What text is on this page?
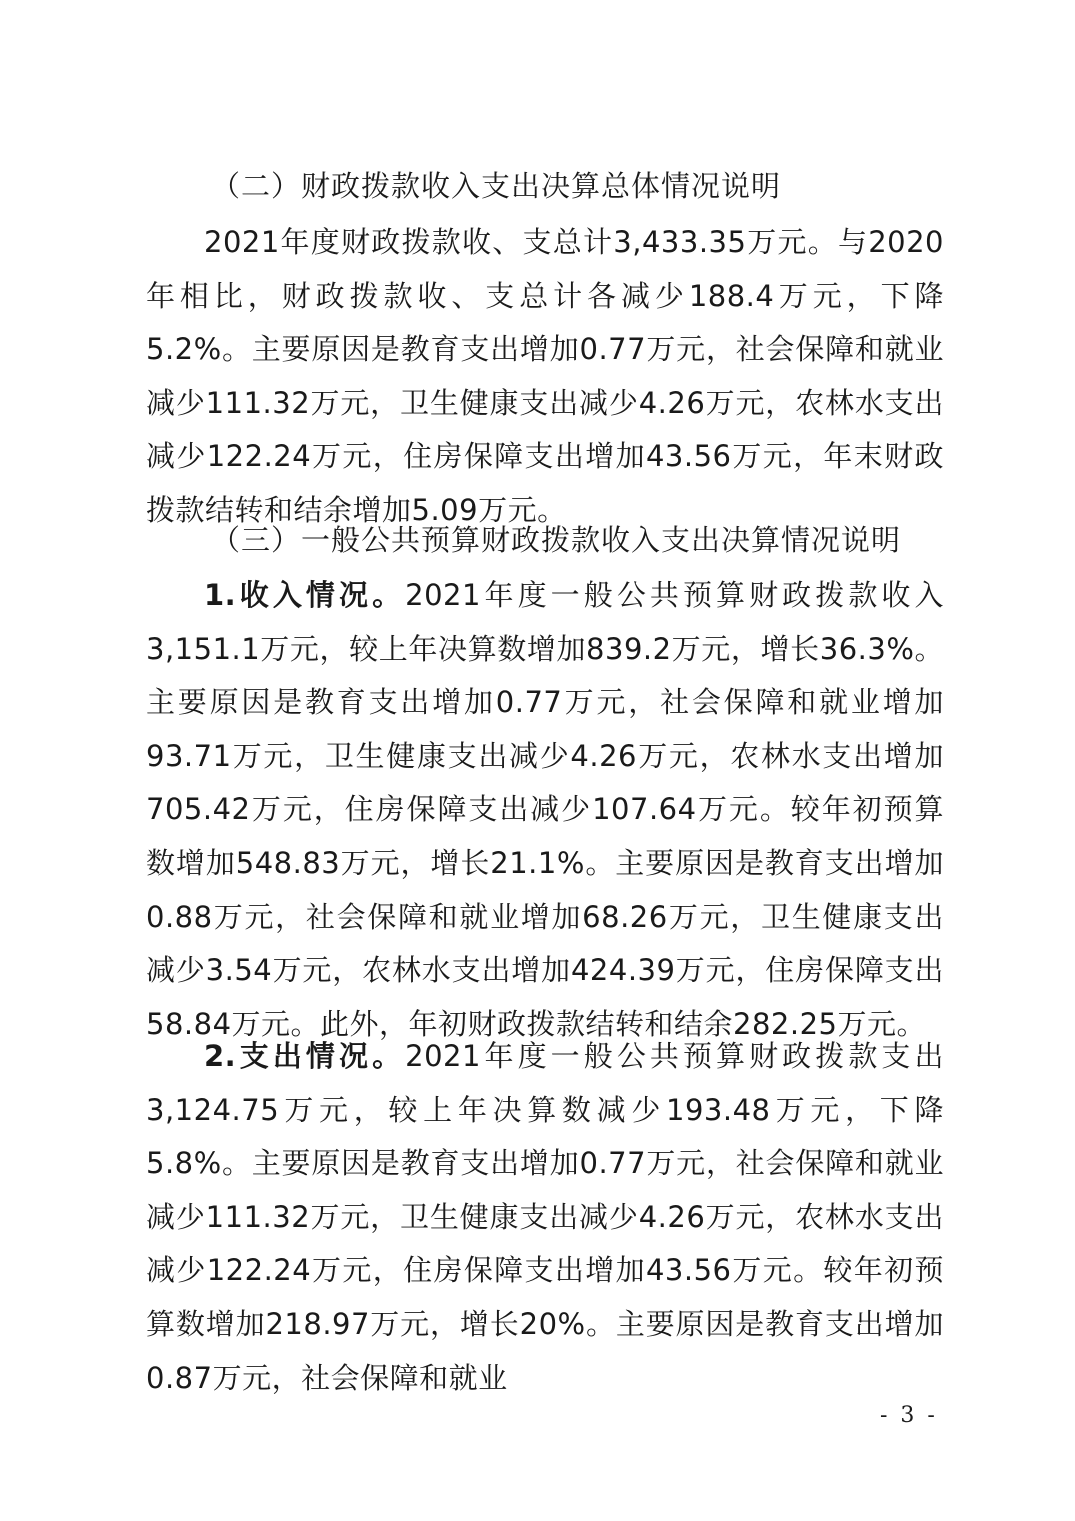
（二）财政拨款收入支出决算总体情况说明

2021年度财政拨款收、支总计3,433.35万元。与2020年相比，财政拨款收、支总计各减少188.4万元，下降5.2%。主要原因是教育支出增加0.77万元，社会保障和就业减少111.32万元，卫生健康支出减少4.26万元，农林水支出减少122.24万元，住房保障支出增加43.56万元，年末财政拨款结转和结余增加5.09万元。

（三）一般公共预算财政拨款收入支出决算情况说明

1.收入情况。2021年度一般公共预算财政拨款收入3,151.1万元，较上年决算数增加839.2万元，增长36.3%。主要原因是教育支出增加0.77万元，社会保障和就业增加93.71万元，卫生健康支出减少4.26万元，农林水支出增加705.42万元，住房保障支出减少107.64万元。较年初预算数增加548.83万元，增长21.1%。主要原因是教育支出增加0.88万元，社会保障和就业增加68.26万元，卫生健康支出减少3.54万元，农林水支出增加424.39万元，住房保障支出58.84万元。此外，年初财政拨款结转和结余282.25万元。

2.支出情况。2021年度一般公共预算财政拨款支出3,124.75万元，较上年决算数减少193.48万元，下降5.8%。主要原因是教育支出增加0.77万元，社会保障和就业减少111.32万元，卫生健康支出减少4.26万元，农林水支出减少122.24万元，住房保障支出增加43.56万元。较年初预算数增加218.97万元，增长20%。主要原因是教育支出增加0.87万元，社会保障和就业

- 3 -
